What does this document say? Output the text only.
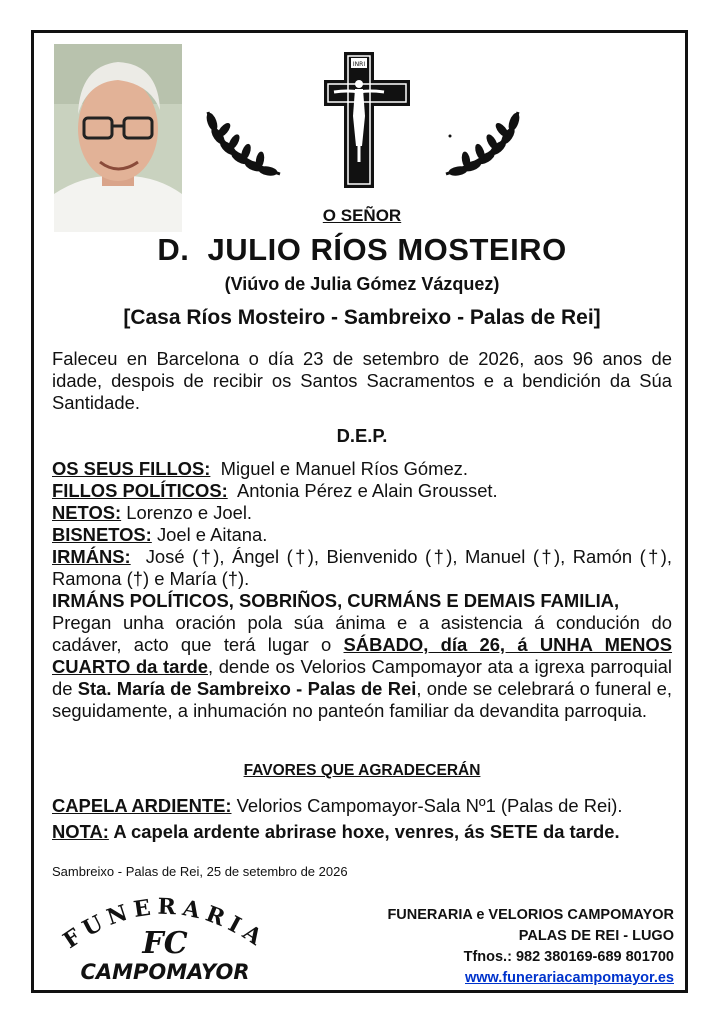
INRI
O SEÑOR
D.  JULIO RÍOS MOSTEIRO
(Viúvo de Julia Gómez Vázquez)
[Casa Ríos Mosteiro - Sambreixo - Palas de Rei]
Faleceu en Barcelona o día 23 de setembro de 2026, aos 96 anos de idade, despois de recibir os Santos Sacramentos e a bendición da Súa Santidade.
D.E.P.

OS SEUS FILLOS: Miguel e Manuel Ríos Gómez.

FILLOS POLÍTICOS: Antonia Pérez e Alain Grousset.

NETOS: Lorenzo e Joel.

BISNETOS: Joel e Aitana.

IRMÁNS: José (†), Ángel (†), Bienvenido (†), Manuel (†), Ramón (†), Ramona (†) e María (†).

IRMÁNS POLÍTICOS, SOBRIÑOS, CURMÁNS E DEMAIS FAMILIA,

Pregan unha oración pola súa ánima e a asistencia á condución do cadáver, acto que terá lugar o SÁBADO, día 26, á UNHA MENOS CUARTO da tarde, dende os Velorios Campomayor ata a igrexa parroquial de Sta. María de Sambreixo - Palas de Rei, onde se celebrará o funeral e, seguidamente, a inhumación no panteón familiar da devandita parroquia.

FAVORES QUE AGRADECERÁN

CAPELA ARDIENTE: Velorios Campomayor-Sala Nº1 (Palas de Rei).

NOTA: A capela ardente abrirase hoxe, venres, ás SETE da tarde.

Sambreixo - Palas de Rei, 25 de setembro de 2026
FUNERARIA
FC
CAMPOMAYOR
FUNERARIA e VELORIOS CAMPOMAYOR
PALAS DE REI - LUGO
Tfnos.: 982 380169-689 801700
www.funerariacampomayor.es
